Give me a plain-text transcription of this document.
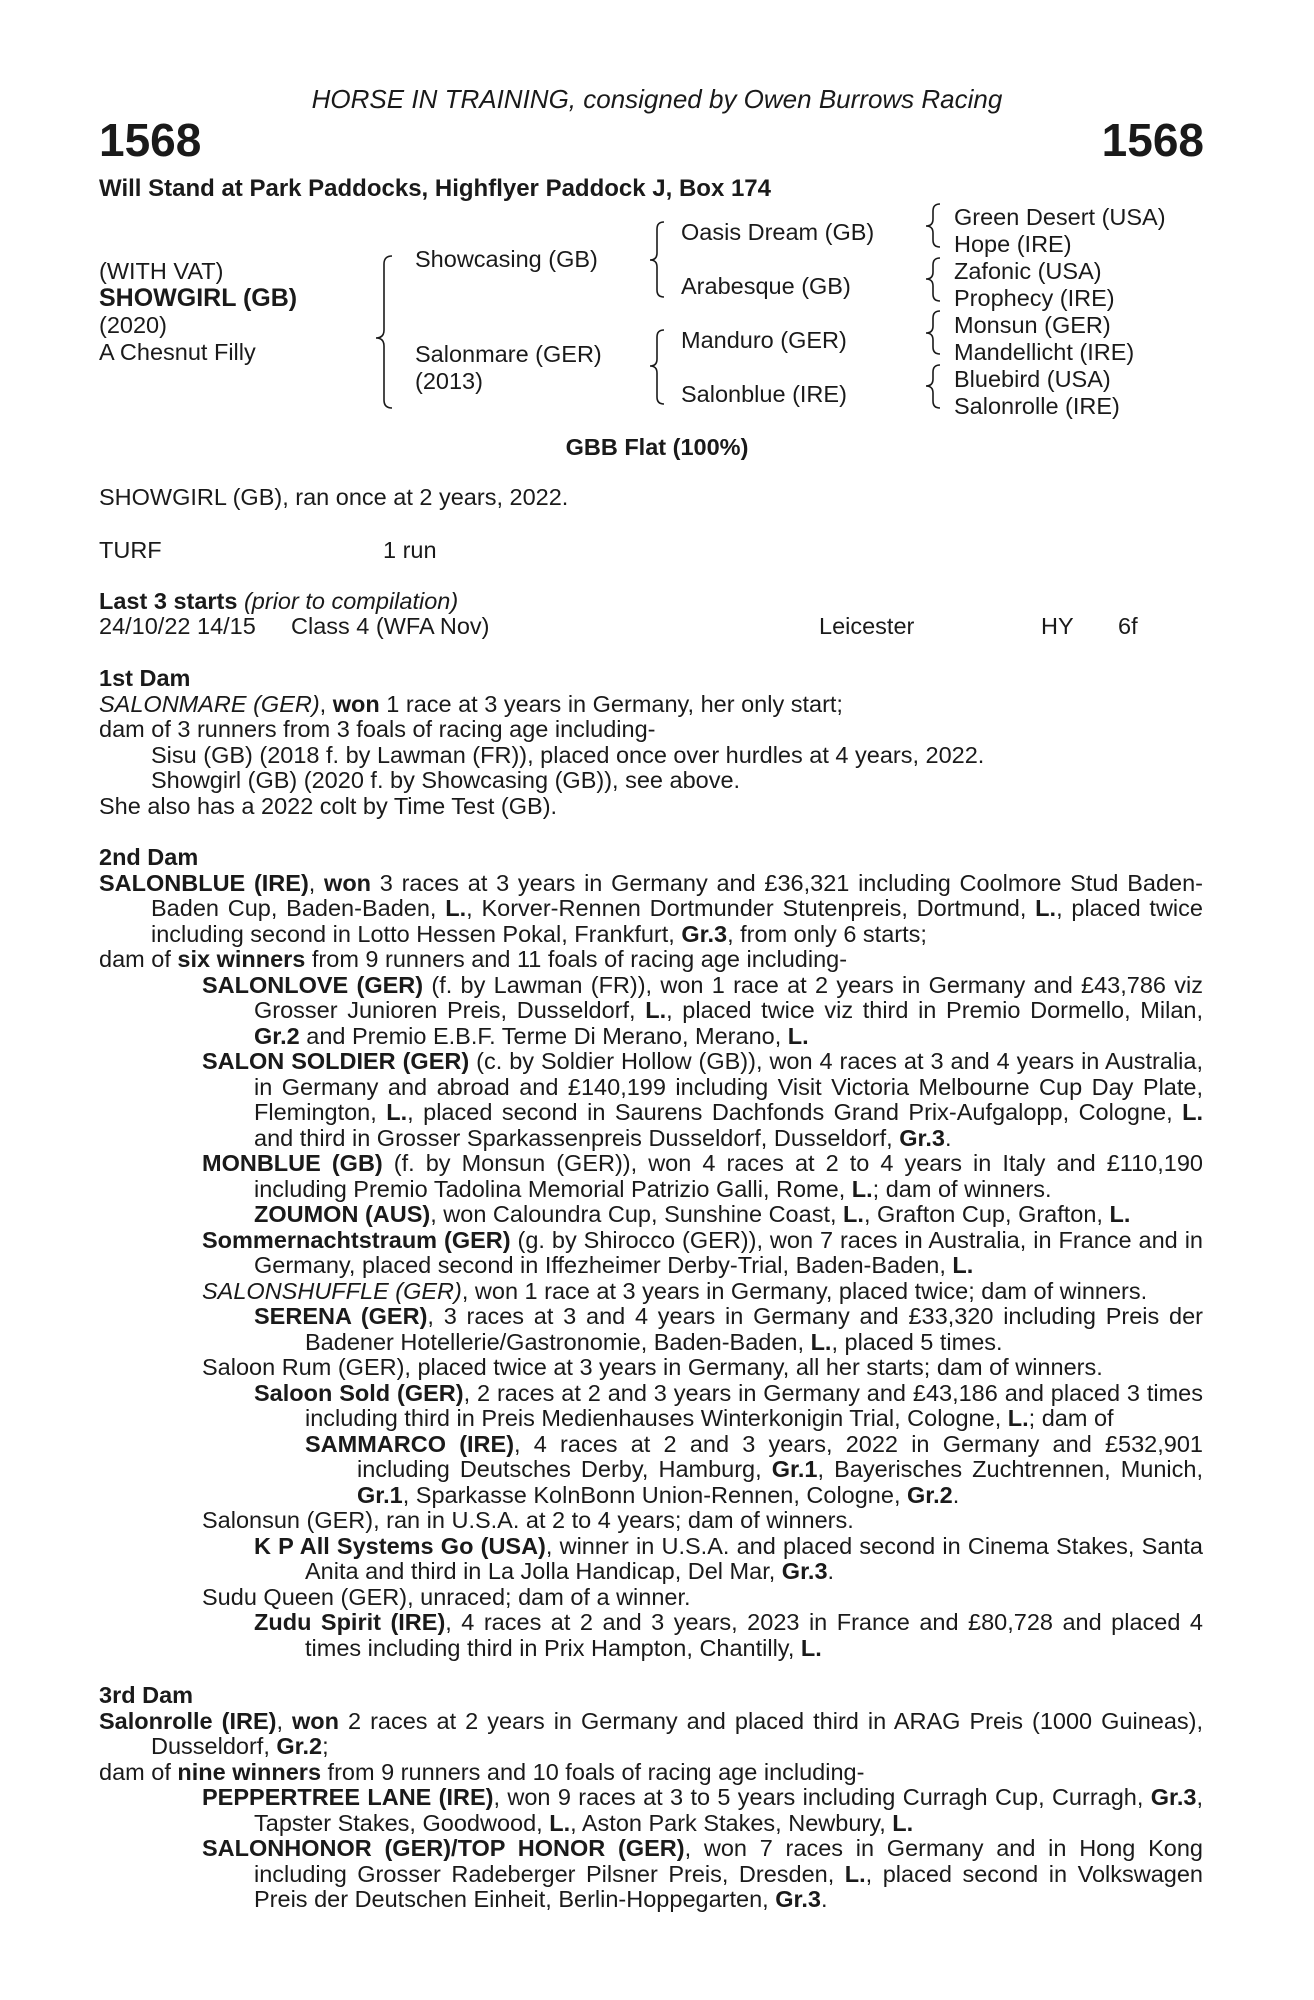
HORSE IN TRAINING, consigned by Owen Burrows Racing
1568	1568
Will Stand at Park Paddocks, Highflyer Paddock J, Box 174
(WITH VAT)
SHOWGIRL (GB)
(2020)
A Chesnut Filly
Showcasing (GB)
Salonmare (GER)
(2013)
Oasis Dream (GB)
Arabesque (GB)
Manduro (GER)
Salonblue (IRE)
Green Desert (USA)
Hope (IRE)
Zafonic (USA)
Prophecy (IRE)
Monsun (GER)
Mandellicht (IRE)
Bluebird (USA)
Salonrolle (IRE)
GBB Flat (100%)
SHOWGIRL (GB), ran once at 2 years, 2022.
TURF	1 run
Last 3 starts (prior to compilation)
24/10/22 14/15 Class 4 (WFA Nov)	Leicester	HY 6f
1st Dam
SALONMARE (GER), won 1 race at 3 years in Germany, her only start;
dam of 3 runners from 3 foals of racing age including-
Sisu (GB) (2018 f. by Lawman (FR)), placed once over hurdles at 4 years, 2022.
Showgirl (GB) (2020 f. by Showcasing (GB)), see above.
She also has a 2022 colt by Time Test (GB).
2nd Dam
SALONBLUE (IRE), won 3 races at 3 years in Germany and £36,321 including Coolmore Stud Baden-Baden Cup, Baden-Baden, L., Korver-Rennen Dortmunder Stutenpreis, Dortmund, L., placed twice including second in Lotto Hessen Pokal, Frankfurt, Gr.3, from only 6 starts;
dam of six winners from 9 runners and 11 foals of racing age including-
SALONLOVE (GER) (f. by Lawman (FR)), won 1 race at 2 years in Germany and £43,786 viz Grosser Junioren Preis, Dusseldorf, L., placed twice viz third in Premio Dormello, Milan, Gr.2 and Premio E.B.F. Terme Di Merano, Merano, L.
SALON SOLDIER (GER) (c. by Soldier Hollow (GB)), won 4 races at 3 and 4 years in Australia, in Germany and abroad and £140,199 including Visit Victoria Melbourne Cup Day Plate, Flemington, L., placed second in Saurens Dachfonds Grand Prix-Aufgalopp, Cologne, L. and third in Grosser Sparkassenpreis Dusseldorf, Dusseldorf, Gr.3.
MONBLUE (GB) (f. by Monsun (GER)), won 4 races at 2 to 4 years in Italy and £110,190 including Premio Tadolina Memorial Patrizio Galli, Rome, L.; dam of winners.
ZOUMON (AUS), won Caloundra Cup, Sunshine Coast, L., Grafton Cup, Grafton, L.
Sommernachtstraum (GER) (g. by Shirocco (GER)), won 7 races in Australia, in France and in Germany, placed second in Iffezheimer Derby-Trial, Baden-Baden, L.
SALONSHUFFLE (GER), won 1 race at 3 years in Germany, placed twice; dam of winners.
SERENA (GER), 3 races at 3 and 4 years in Germany and £33,320 including Preis der Badener Hotellerie/Gastronomie, Baden-Baden, L., placed 5 times.
Saloon Rum (GER), placed twice at 3 years in Germany, all her starts; dam of winners.
Saloon Sold (GER), 2 races at 2 and 3 years in Germany and £43,186 and placed 3 times including third in Preis Medienhauses Winterkonigin Trial, Cologne, L.; dam of
SAMMARCO (IRE), 4 races at 2 and 3 years, 2022 in Germany and £532,901 including Deutsches Derby, Hamburg, Gr.1, Bayerisches Zuchtrennen, Munich, Gr.1, Sparkasse KolnBonn Union-Rennen, Cologne, Gr.2.
Salonsun (GER), ran in U.S.A. at 2 to 4 years; dam of winners.
K P All Systems Go (USA), winner in U.S.A. and placed second in Cinema Stakes, Santa Anita and third in La Jolla Handicap, Del Mar, Gr.3.
Sudu Queen (GER), unraced; dam of a winner.
Zudu Spirit (IRE), 4 races at 2 and 3 years, 2023 in France and £80,728 and placed 4 times including third in Prix Hampton, Chantilly, L.
3rd Dam
Salonrolle (IRE), won 2 races at 2 years in Germany and placed third in ARAG Preis (1000 Guineas), Dusseldorf, Gr.2;
dam of nine winners from 9 runners and 10 foals of racing age including-
PEPPERTREE LANE (IRE), won 9 races at 3 to 5 years including Curragh Cup, Curragh, Gr.3, Tapster Stakes, Goodwood, L., Aston Park Stakes, Newbury, L.
SALONHONOR (GER)/TOP HONOR (GER), won 7 races in Germany and in Hong Kong including Grosser Radeberger Pilsner Preis, Dresden, L., placed second in Volkswagen Preis der Deutschen Einheit, Berlin-Hoppegarten, Gr.3.
